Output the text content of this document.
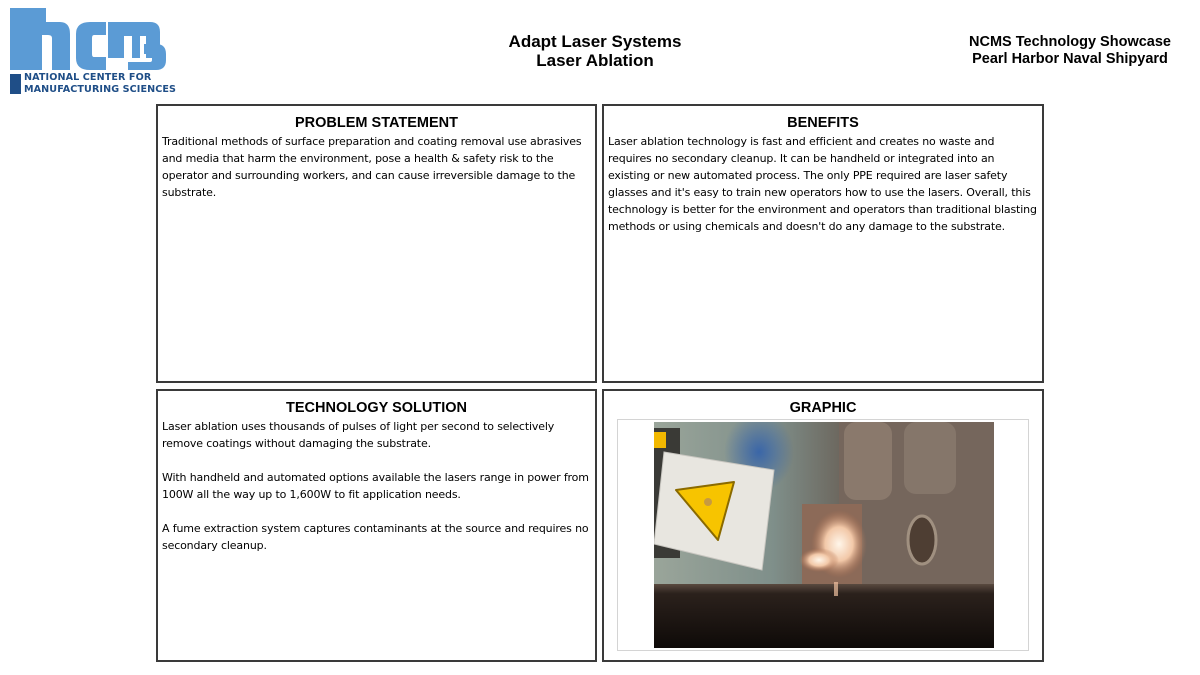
NATIONAL CENTER FOR
MANUFACTURING SCIENCES
Adapt Laser Systems
Laser Ablation
NCMS Technology Showcase
Pearl Harbor Naval Shipyard
PROBLEM STATEMENT

Traditional methods of surface preparation and coating removal use abrasives and media that harm the environment, pose a health & safety risk to the operator and surrounding workers, and can cause irreversible damage to the substrate.

BENEFITS

Laser ablation technology is fast and efficient and creates no waste and requires no secondary cleanup. It can be handheld or integrated into an existing or new automated process. The only PPE required are laser safety glasses and it's easy to train new operators how to use the lasers. Overall, this technology is better for the environment and operators than traditional blasting methods or using chemicals and doesn't do any damage to the substrate.

TECHNOLOGY SOLUTION

Laser ablation uses thousands of pulses of light per second to selectively remove coatings without damaging the substrate.

With handheld and automated options available the lasers range in power from 100W all the way up to 1,600W to fit application needs.

A fume extraction system captures contaminants at the source and requires no secondary cleanup.

GRAPHIC
